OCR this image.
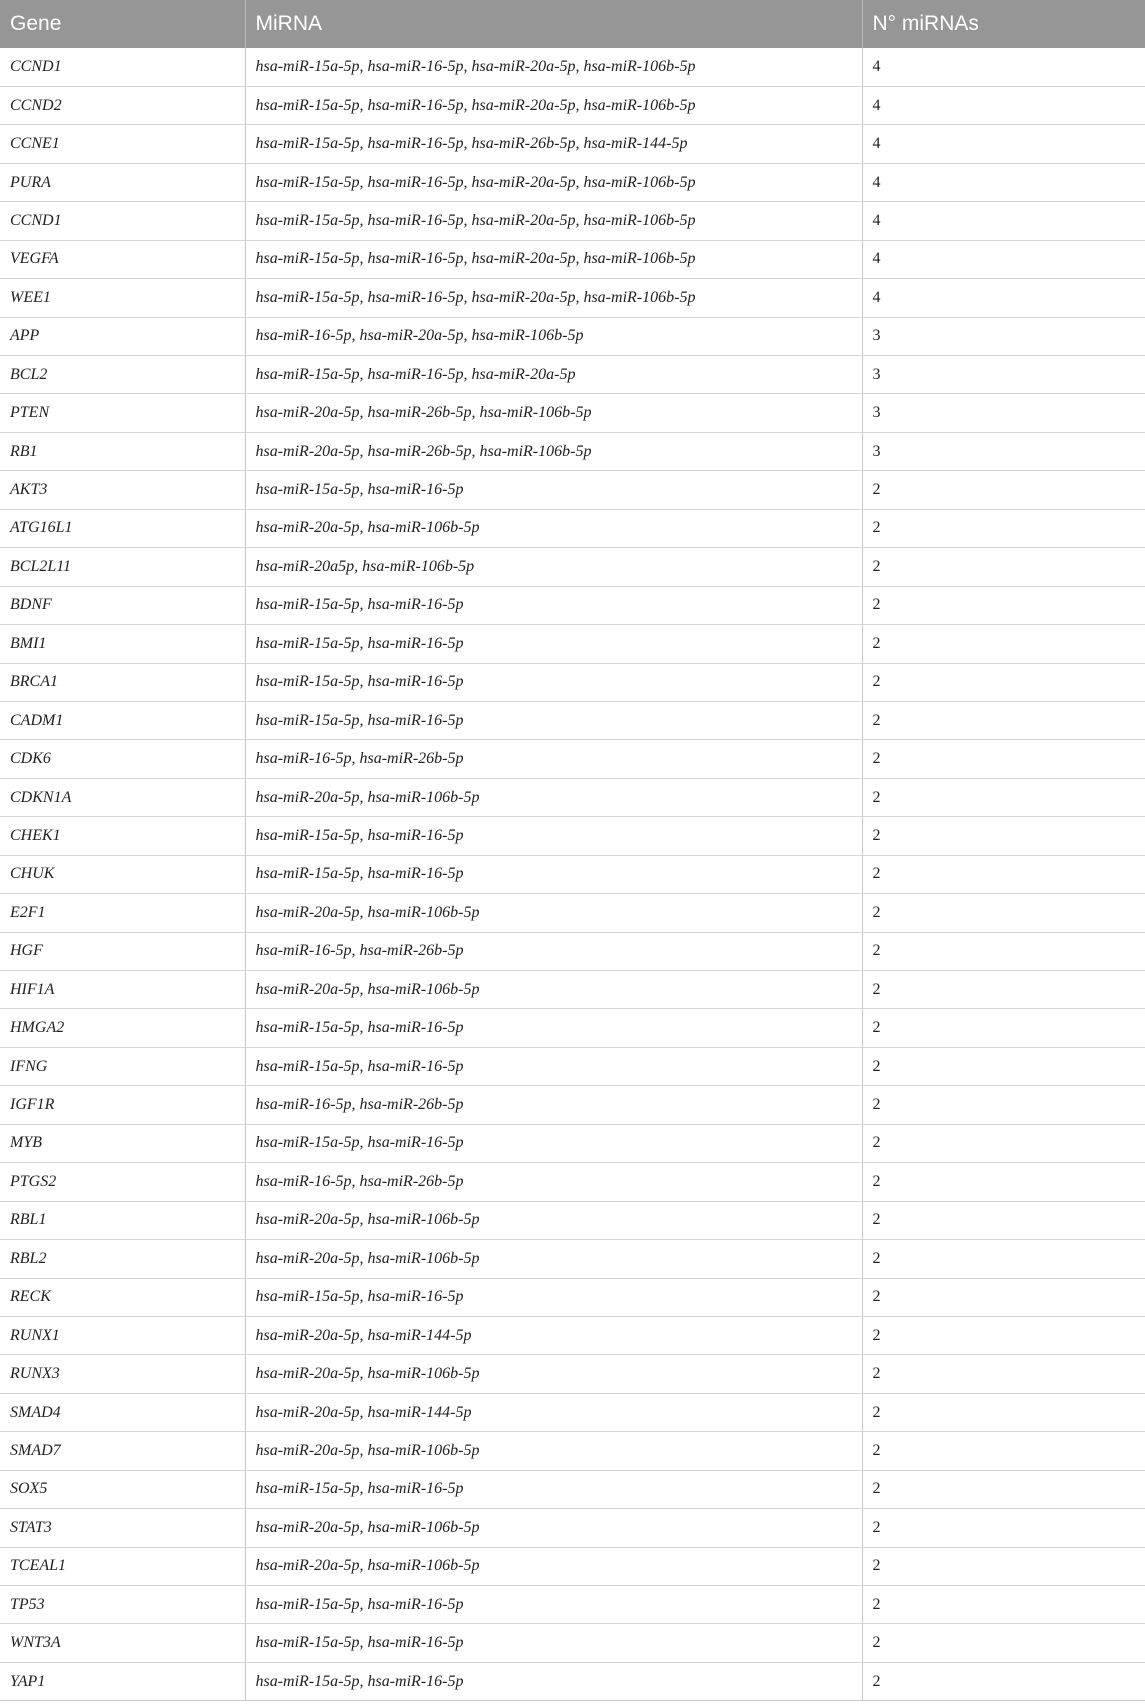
Gene	MiRNA	N° miRNAs
CCND1	hsa-miR-15a-5p, hsa-miR-16-5p, hsa-miR-20a-5p, hsa-miR-106b-5p	4
CCND2	hsa-miR-15a-5p, hsa-miR-16-5p, hsa-miR-20a-5p, hsa-miR-106b-5p	4
CCNE1	hsa-miR-15a-5p, hsa-miR-16-5p, hsa-miR-26b-5p, hsa-miR-144-5p	4
PURA	hsa-miR-15a-5p, hsa-miR-16-5p, hsa-miR-20a-5p, hsa-miR-106b-5p	4
CCND1	hsa-miR-15a-5p, hsa-miR-16-5p, hsa-miR-20a-5p, hsa-miR-106b-5p	4
VEGFA	hsa-miR-15a-5p, hsa-miR-16-5p, hsa-miR-20a-5p, hsa-miR-106b-5p	4
WEE1	hsa-miR-15a-5p, hsa-miR-16-5p, hsa-miR-20a-5p, hsa-miR-106b-5p	4
APP	hsa-miR-16-5p, hsa-miR-20a-5p, hsa-miR-106b-5p	3
BCL2	hsa-miR-15a-5p, hsa-miR-16-5p, hsa-miR-20a-5p	3
PTEN	hsa-miR-20a-5p, hsa-miR-26b-5p, hsa-miR-106b-5p	3
RB1	hsa-miR-20a-5p, hsa-miR-26b-5p, hsa-miR-106b-5p	3
AKT3	hsa-miR-15a-5p, hsa-miR-16-5p	2
ATG16L1	hsa-miR-20a-5p, hsa-miR-106b-5p	2
BCL2L11	hsa-miR-20a5p, hsa-miR-106b-5p	2
BDNF	hsa-miR-15a-5p, hsa-miR-16-5p	2
BMI1	hsa-miR-15a-5p, hsa-miR-16-5p	2
BRCA1	hsa-miR-15a-5p, hsa-miR-16-5p	2
CADM1	hsa-miR-15a-5p, hsa-miR-16-5p	2
CDK6	hsa-miR-16-5p, hsa-miR-26b-5p	2
CDKN1A	hsa-miR-20a-5p, hsa-miR-106b-5p	2
CHEK1	hsa-miR-15a-5p, hsa-miR-16-5p	2
CHUK	hsa-miR-15a-5p, hsa-miR-16-5p	2
E2F1	hsa-miR-20a-5p, hsa-miR-106b-5p	2
HGF	hsa-miR-16-5p, hsa-miR-26b-5p	2
HIF1A	hsa-miR-20a-5p, hsa-miR-106b-5p	2
HMGA2	hsa-miR-15a-5p, hsa-miR-16-5p	2
IFNG	hsa-miR-15a-5p, hsa-miR-16-5p	2
IGF1R	hsa-miR-16-5p, hsa-miR-26b-5p	2
MYB	hsa-miR-15a-5p, hsa-miR-16-5p	2
PTGS2	hsa-miR-16-5p, hsa-miR-26b-5p	2
RBL1	hsa-miR-20a-5p, hsa-miR-106b-5p	2
RBL2	hsa-miR-20a-5p, hsa-miR-106b-5p	2
RECK	hsa-miR-15a-5p, hsa-miR-16-5p	2
RUNX1	hsa-miR-20a-5p, hsa-miR-144-5p	2
RUNX3	hsa-miR-20a-5p, hsa-miR-106b-5p	2
SMAD4	hsa-miR-20a-5p, hsa-miR-144-5p	2
SMAD7	hsa-miR-20a-5p, hsa-miR-106b-5p	2
SOX5	hsa-miR-15a-5p, hsa-miR-16-5p	2
STAT3	hsa-miR-20a-5p, hsa-miR-106b-5p	2
TCEAL1	hsa-miR-20a-5p, hsa-miR-106b-5p	2
TP53	hsa-miR-15a-5p, hsa-miR-16-5p	2
WNT3A	hsa-miR-15a-5p, hsa-miR-16-5p	2
YAP1	hsa-miR-15a-5p, hsa-miR-16-5p	2
